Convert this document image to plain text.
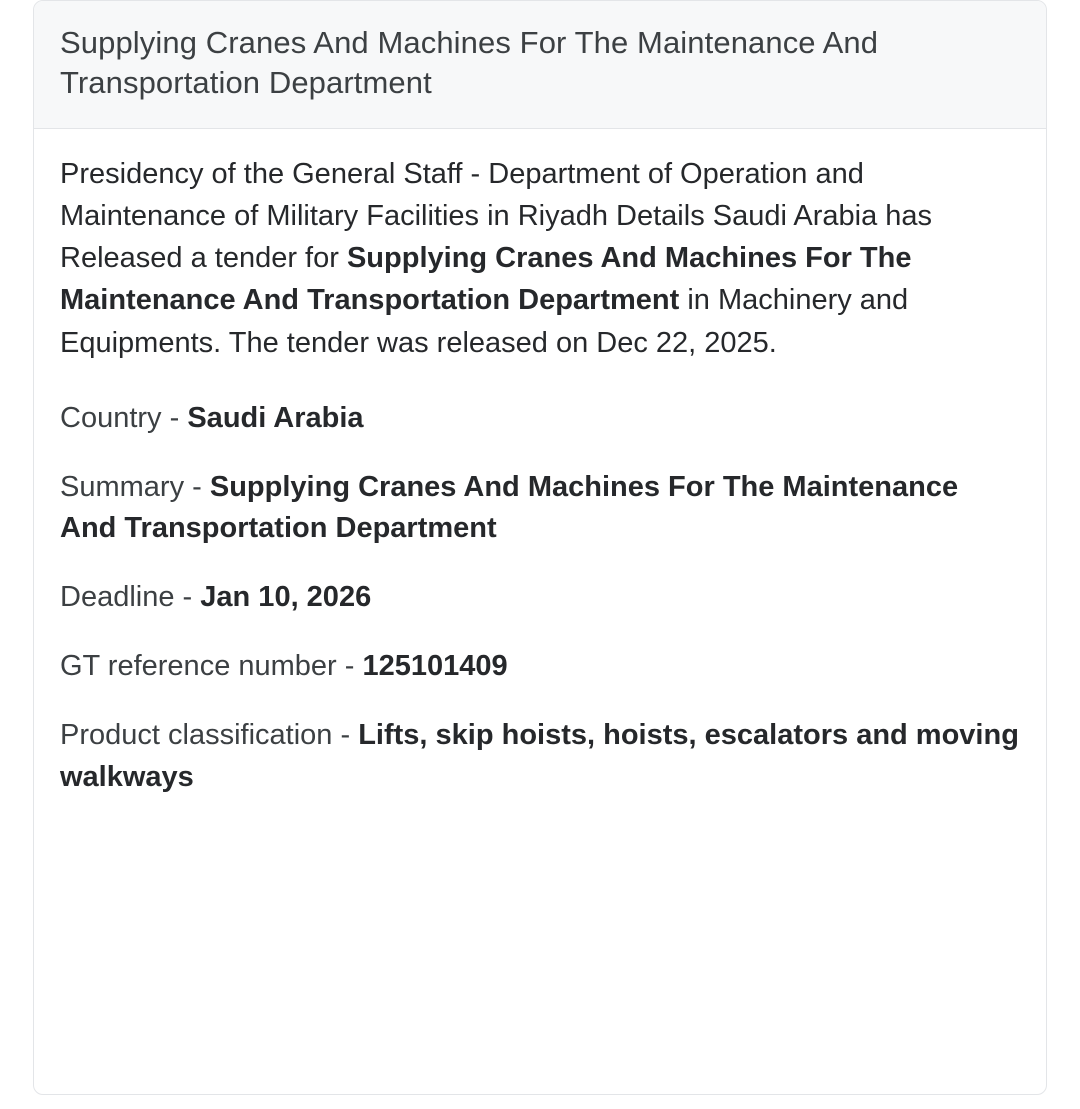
Supplying Cranes And Machines For The Maintenance And Transportation Department

Presidency of the General Staff - Department of Operation and Maintenance of Military Facilities in Riyadh Details Saudi Arabia has Released a tender for Supplying Cranes And Machines For The Maintenance And Transportation Department in Machinery and Equipments. The tender was released on Dec 22, 2025.

Country - Saudi Arabia

Summary - Supplying Cranes And Machines For The Maintenance And Transportation Department

Deadline - Jan 10, 2026

GT reference number - 125101409

Product classification - Lifts, skip hoists, hoists, escalators and moving walkways
